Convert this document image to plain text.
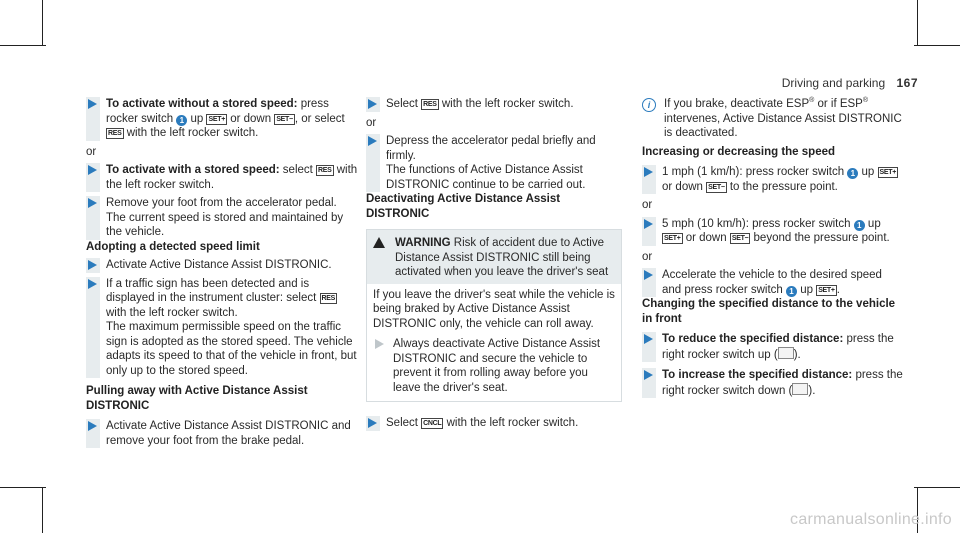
Driving and parking 167
To activate without a stored speed: press rocker switch 1 up SET+ or down SET− , or select RES with the left rocker switch.
or
To activate with a stored speed: select RES with the left rocker switch.
Remove your foot from the accelerator pedal. The current speed is stored and maintained by the vehicle.
Adopting a detected speed limit
Activate Active Distance Assist DISTRONIC.
If a traffic sign has been detected and is displayed in the instrument cluster: select RES with the left rocker switch.
The maximum permissible speed on the traffic sign is adopted as the stored speed. The vehicle adapts its speed to that of the vehicle in front, but only up to the stored speed.
Pulling away with Active Distance Assist DISTRONIC
Activate Active Distance Assist DISTRONIC and remove your foot from the brake pedal.
Select RES with the left rocker switch.
or
Depress the accelerator pedal briefly and firmly.
The functions of Active Distance Assist DISTRONIC continue to be carried out.
Deactivating Active Distance Assist DISTRONIC
WARNING Risk of accident due to Active Distance Assist DISTRONIC still being activated when you leave the driver's seat
If you leave the driver's seat while the vehicle is being braked by Active Distance Assist DISTRONIC only, the vehicle can roll away.
Always deactivate Active Distance Assist DISTRONIC and secure the vehicle to prevent it from rolling away before you leave the driver's seat.
Select CNCL with the left rocker switch.
i	If you brake, deactivate ESP® or if ESP® intervenes, Active Distance Assist DISTRONIC is deactivated.
Increasing or decreasing the speed
1 mph (1 km/h): press rocker switch 1 up SET+ or down SET− to the pressure point.
or
5 mph (10 km/h): press rocker switch 1 up SET+ or down SET− beyond the pressure point.
or
Accelerate the vehicle to the desired speed and press rocker switch 1 up SET+ .
Changing the specified distance to the vehicle in front
To reduce the specified distance: press the right rocker switch up ( ).
To increase the specified distance: press the right rocker switch down ( ).
carmanualsonline.info
